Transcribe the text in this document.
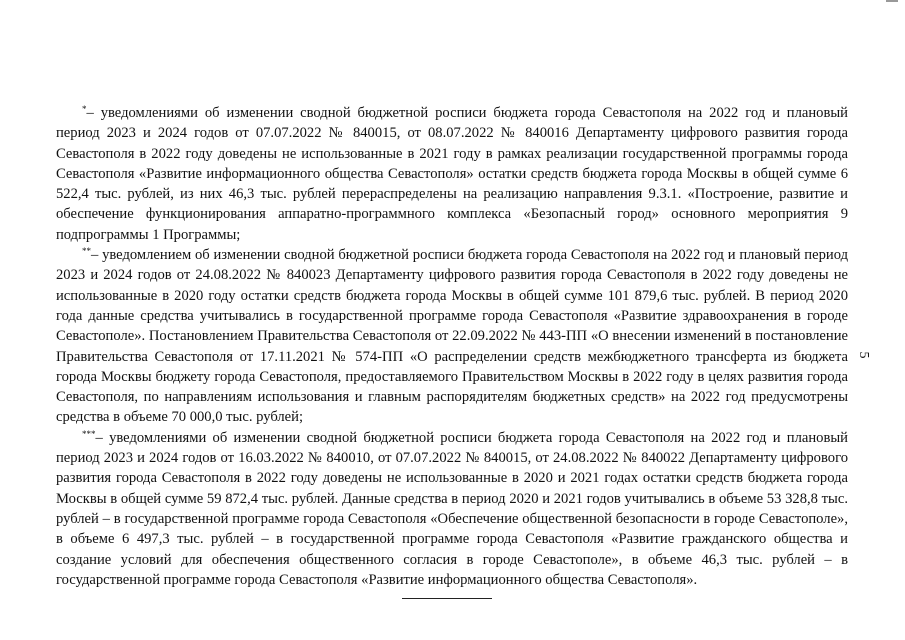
*– уведомлениями об изменении сводной бюджетной росписи бюджета города Севастополя на 2022 год и плановый период 2023 и 2024 годов от 07.07.2022 № 840015, от 08.07.2022 № 840016 Департаменту цифрового развития города Севастополя в 2022 году доведены не использованные в 2021 году в рамках реализации государственной программы города Севастополя «Развитие информационного общества Севастополя» остатки средств бюджета города Москвы в общей сумме 6 522,4 тыс. рублей, из них 46,3 тыс. рублей перераспределены на реализацию направления 9.3.1. «Построение, развитие и обеспечение функционирования аппаратно-программного комплекса «Безопасный город» основного мероприятия 9 подпрограммы 1 Программы;

**– уведомлением об изменении сводной бюджетной росписи бюджета города Севастополя на 2022 год и плановый период 2023 и 2024 годов от 24.08.2022 № 840023 Департаменту цифрового развития города Севастополя в 2022 году доведены не использованные в 2020 году остатки средств бюджета города Москвы в общей сумме 101 879,6 тыс. рублей. В период 2020 года данные средства учитывались в государственной программе города Севастополя «Развитие здравоохранения в городе Севастополе». Постановлением Правительства Севастополя от 22.09.2022 № 443-ПП «О внесении изменений в постановление Правительства Севастополя от 17.11.2021 № 574-ПП «О распределении средств межбюджетного трансферта из бюджета города Москвы бюджету города Севастополя, предоставляемого Правительством Москвы в 2022 году в целях развития города Севастополя, по направлениям использования и главным распорядителям бюджетных средств» на 2022 год предусмотрены средства в объеме 70 000,0 тыс. рублей;

***– уведомлениями об изменении сводной бюджетной росписи бюджета города Севастополя на 2022 год и плановый период 2023 и 2024 годов от 16.03.2022 № 840010, от 07.07.2022 № 840015, от 24.08.2022 № 840022 Департаменту цифрового развития города Севастополя в 2022 году доведены не использованные в 2020 и 2021 годах остатки средств бюджета города Москвы в общей сумме 59 872,4 тыс. рублей. Данные средства в период 2020 и 2021 годов учитывались в объеме 53 328,8 тыс. рублей – в государственной программе города Севастополя «Обеспечение общественной безопасности в городе Севастополе», в объеме 6 497,3 тыс. рублей – в государственной программе города Севастополя «Развитие гражданского общества и создание условий для обеспечения общественного согласия в городе Севастополе», в объеме 46,3 тыс. рублей – в государственной программе города Севастополя «Развитие информационного общества Севастополя».

5
